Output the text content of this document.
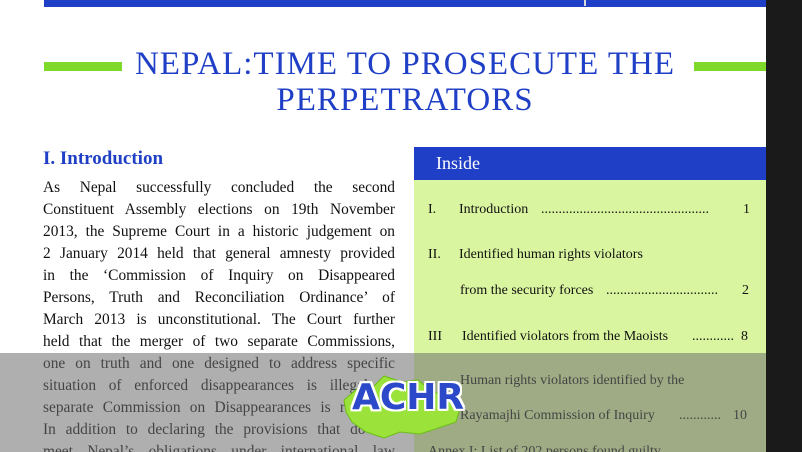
NEPAL:TIME TO PROSECUTE THE
PERPETRATORS
I. Introduction
As Nepal successfully concluded the second
Constituent Assembly elections on 19th November
2013, the Supreme Court in a historic judgement on
2 January 2014 held that general amnesty provided
in the ‘Commission of Inquiry on Disappeared
Persons, Truth and Reconciliation Ordinance’ of
March 2013 is unconstitutional. The Court further
held that the merger of two separate Commissions,
Inside
I. Introduction ................................................ 1
II. Identified human rights violators
from the security forces ................................ 2
III Identified violators from the Maoists ............ 8
ACHR
